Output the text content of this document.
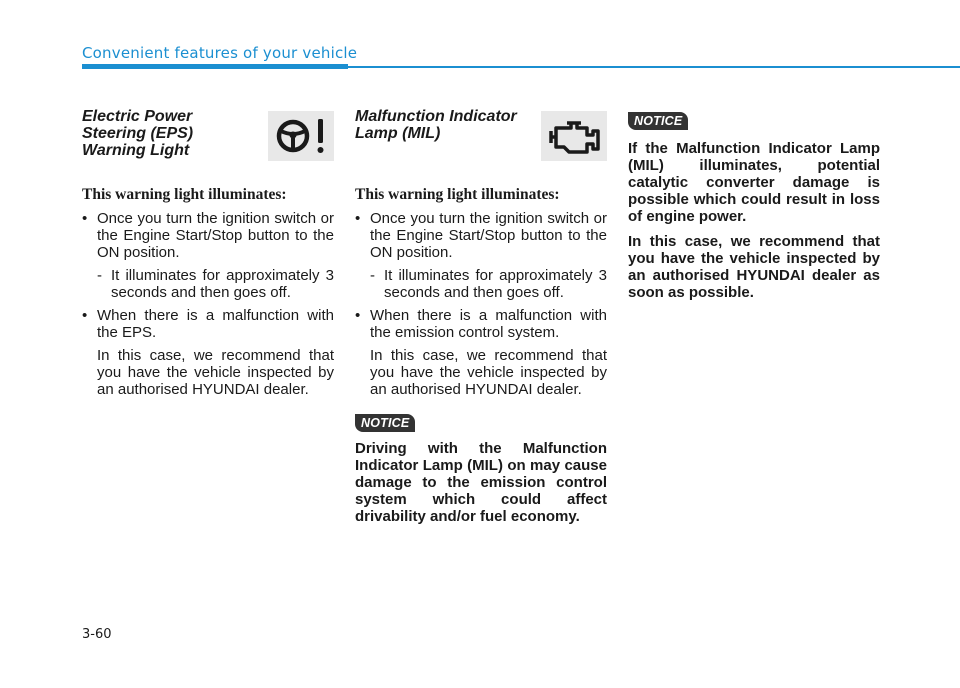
Convenient features of your vehicle
Electric Power
Steering (EPS)
Warning Light

This warning light illuminates:

• Once you turn the ignition switch or the Engine Start/Stop button to the ON position.
- It illuminates for approximately 3 seconds and then goes off.
• When there is a malfunction with the EPS.

In this case, we recommend that you have the vehicle inspected by an authorised HYUNDAI dealer.

Malfunction Indicator
Lamp (MIL)

This warning light illuminates:

• Once you turn the ignition switch or the Engine Start/Stop button to the ON position.
- It illuminates for approximately 3 seconds and then goes off.
• When there is a malfunction with the emission control system.

In this case, we recommend that you have the vehicle inspected by an authorised HYUNDAI dealer.

NOTICE

Driving with the Malfunction Indicator Lamp (MIL) on may cause damage to the emission control system which could affect drivability and/or fuel economy.

NOTICE

If the Malfunction Indicator Lamp (MIL) illuminates, potential catalytic converter damage is possible which could result in loss of engine power.

In this case, we recommend that you have the vehicle inspected by an authorised HYUNDAI dealer as soon as possible.

3-60
